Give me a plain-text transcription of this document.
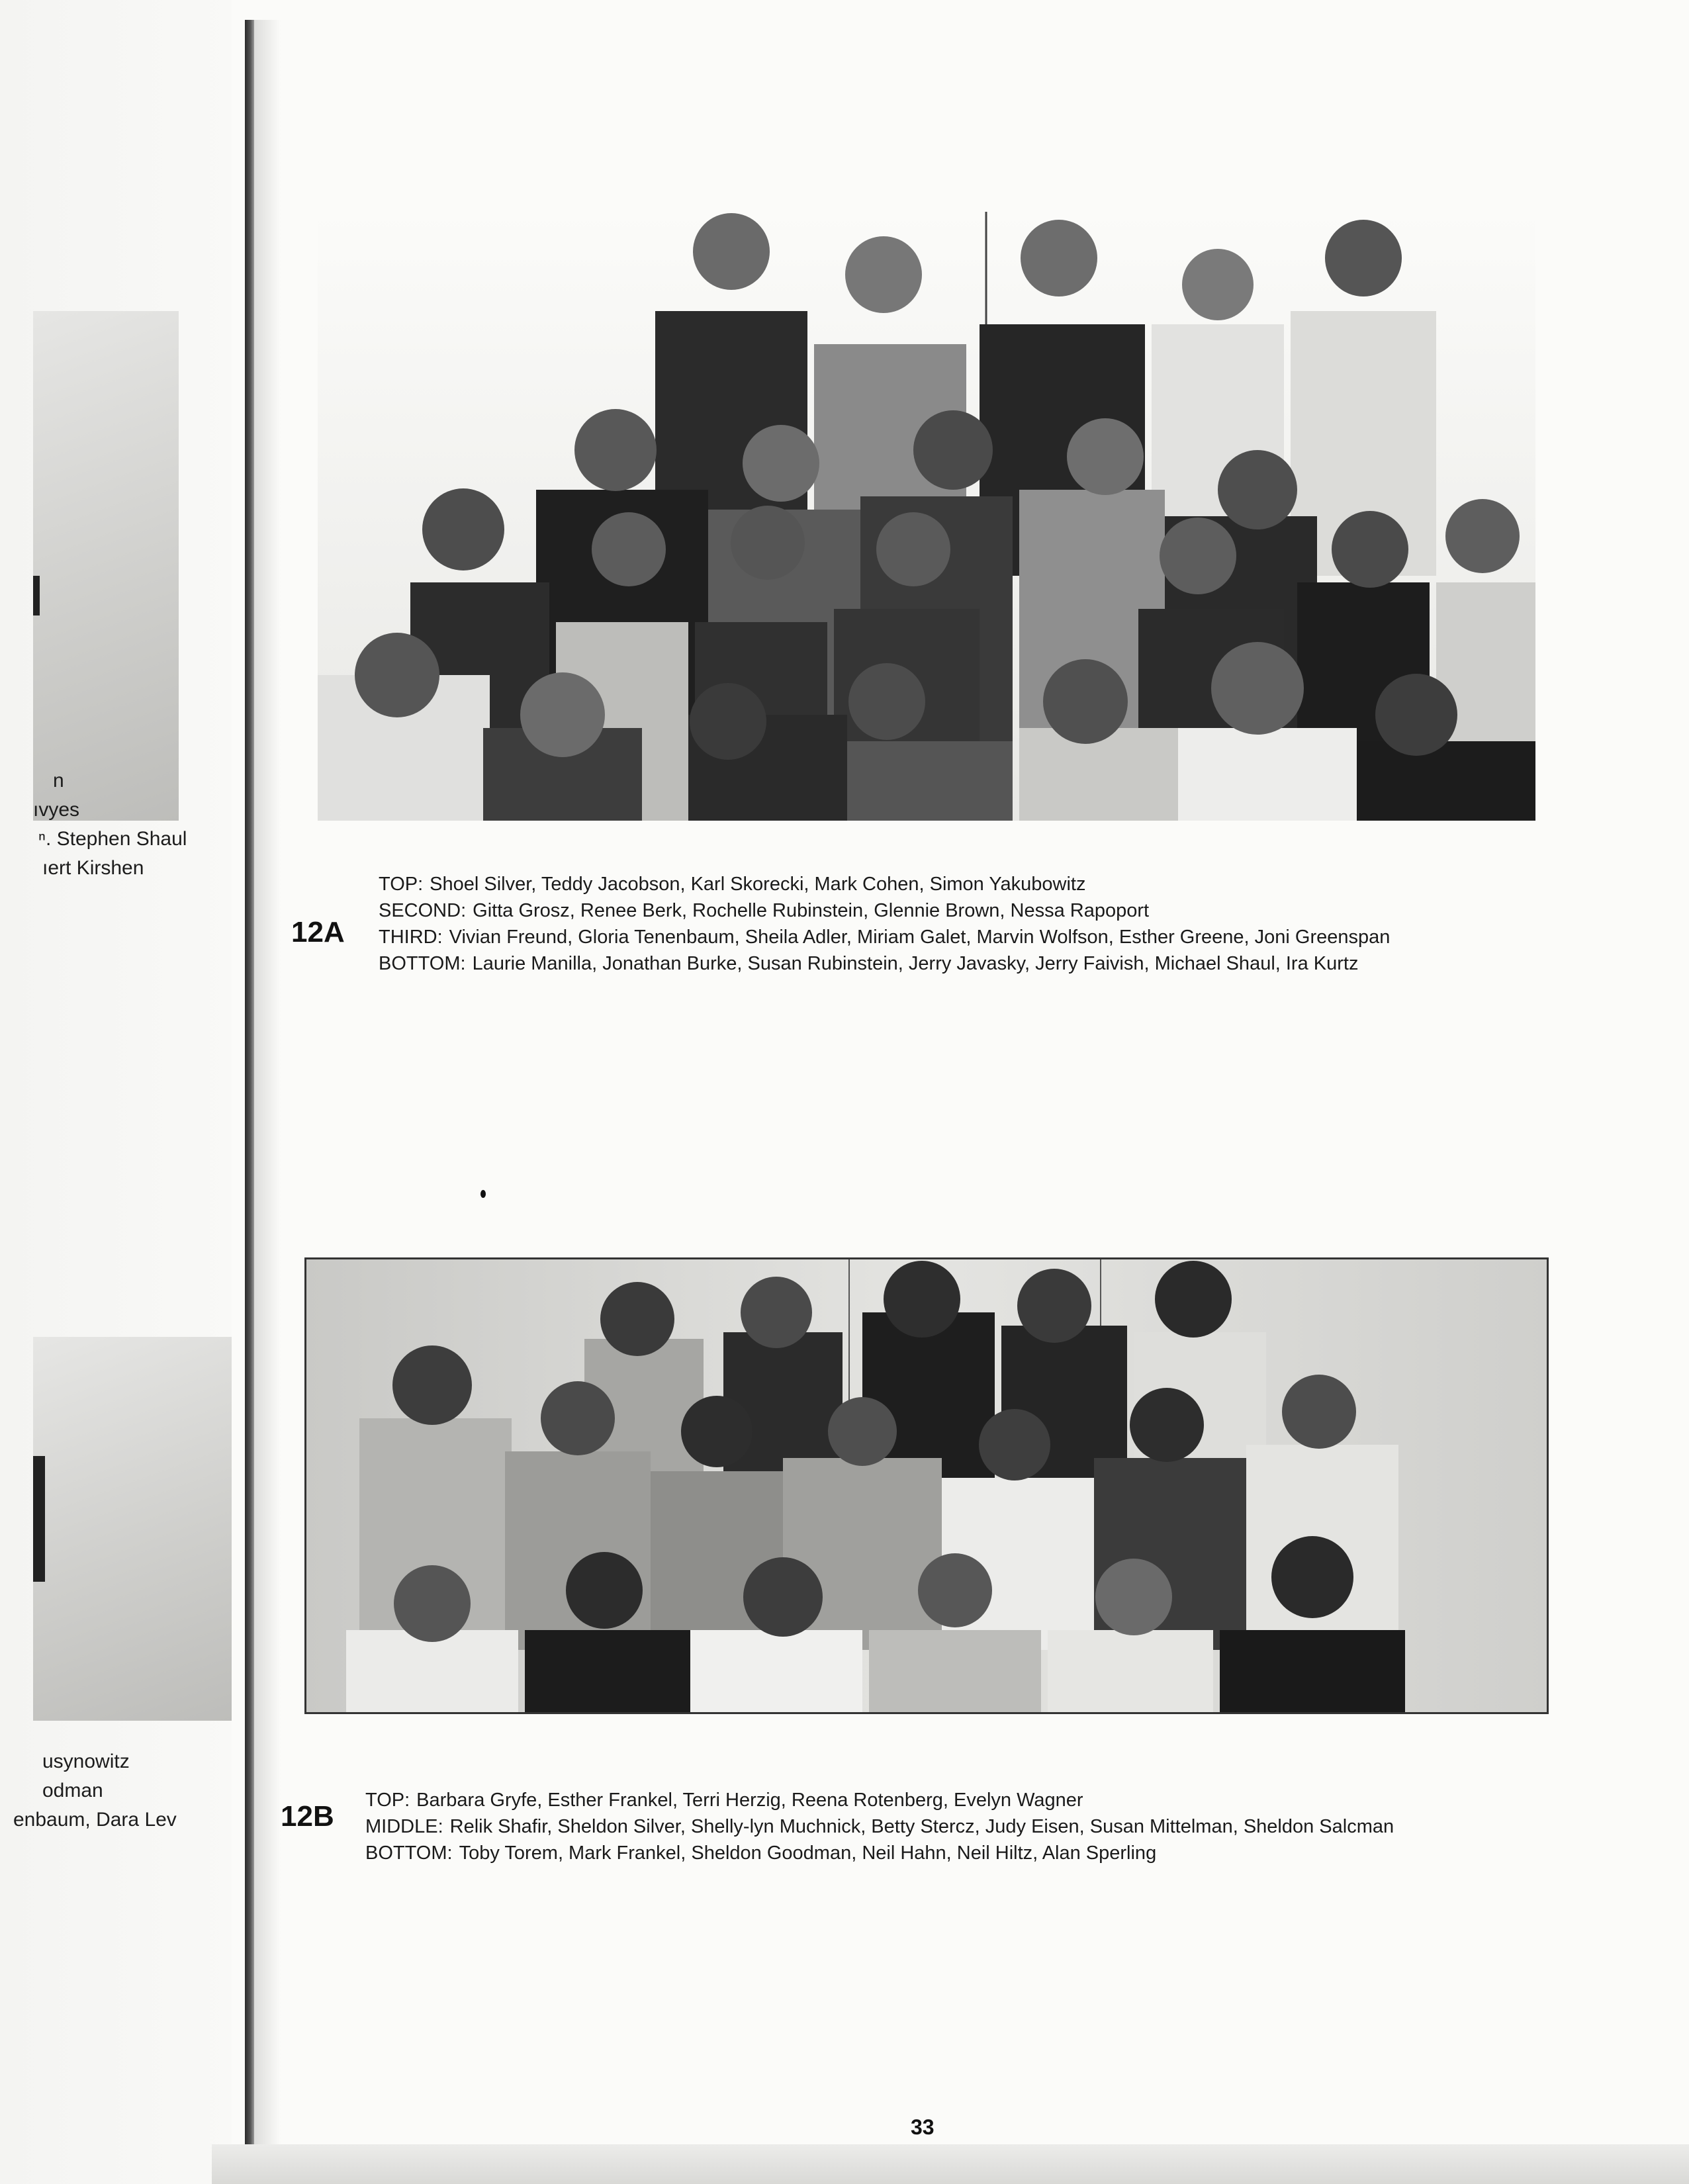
n
ıvyes
ⁿ. Stephen Shaul
ıert Kirshen
usynowitz
odman
enbaum, Dara Lev
12A
TOP: Shoel Silver, Teddy Jacobson, Karl Skorecki, Mark Cohen, Simon Yakubowitz
SECOND: Gitta Grosz, Renee Berk, Rochelle Rubinstein, Glennie Brown, Nessa Rapoport
THIRD: Vivian Freund, Gloria Tenenbaum, Sheila Adler, Miriam Galet, Marvin Wolfson, Esther Greene, Joni Greenspan
BOTTOM: Laurie Manilla, Jonathan Burke, Susan Rubinstein, Jerry Javasky, Jerry Faivish, Michael Shaul, Ira Kurtz
12B TOP: Barbara Gryfe, Esther Frankel, Terri Herzig, Reena Rotenberg, Evelyn Wagner
MIDDLE: Relik Shafir, Sheldon Silver, Shelly-lyn Muchnick, Betty Stercz, Judy Eisen, Susan Mittelman, Sheldon Salcman
BOTTOM: Toby Torem, Mark Frankel, Sheldon Goodman, Neil Hahn, Neil Hiltz, Alan Sperling
33
